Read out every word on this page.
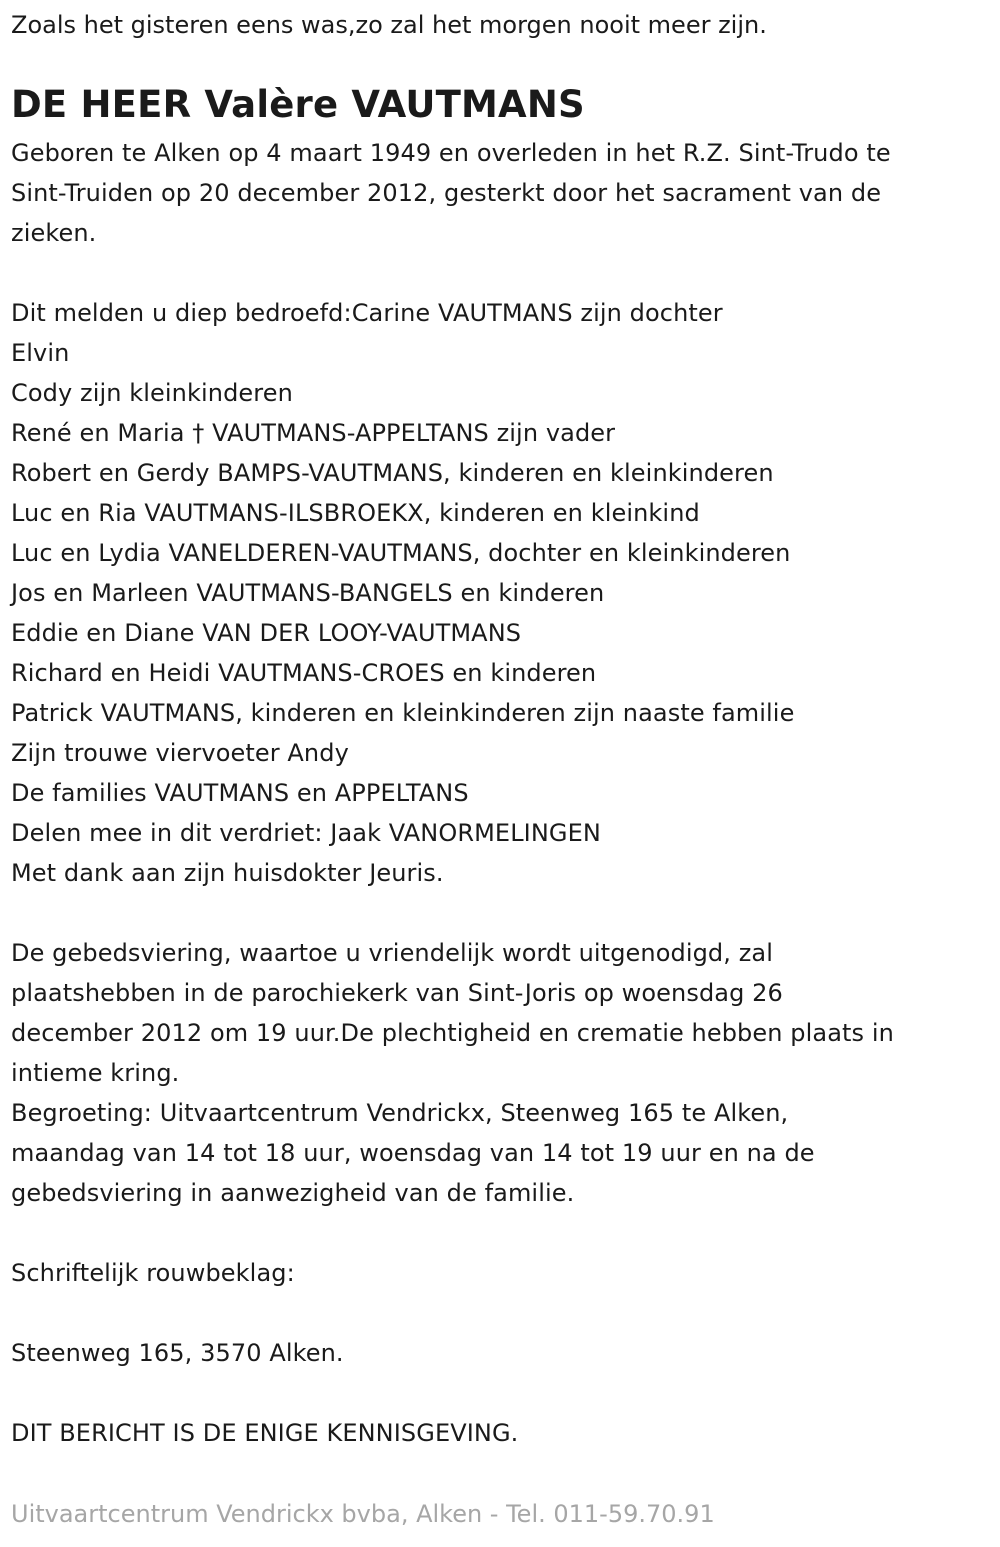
Zoals het gisteren eens was,zo zal het morgen nooit meer zijn.
DE HEER Valère VAUTMANS
Geboren te Alken op 4 maart 1949 en overleden in het R.Z. Sint-Trudo te
Sint-Truiden op 20 december 2012, gesterkt door het sacrament van de
zieken.
Dit melden u diep bedroefd:Carine VAUTMANS zijn dochter
Elvin
Cody zijn kleinkinderen
René en Maria † VAUTMANS-APPELTANS zijn vader
Robert en Gerdy BAMPS-VAUTMANS, kinderen en kleinkinderen
Luc en Ria VAUTMANS-ILSBROEKX, kinderen en kleinkind
Luc en Lydia VANELDEREN-VAUTMANS, dochter en kleinkinderen
Jos en Marleen VAUTMANS-BANGELS en kinderen
Eddie en Diane VAN DER LOOY-VAUTMANS
Richard en Heidi VAUTMANS-CROES en kinderen
Patrick VAUTMANS, kinderen en kleinkinderen zijn naaste familie
Zijn trouwe viervoeter Andy
De families VAUTMANS en APPELTANS
Delen mee in dit verdriet: Jaak VANORMELINGEN
Met dank aan zijn huisdokter Jeuris.
De gebedsviering, waartoe u vriendelijk wordt uitgenodigd, zal
plaatshebben in de parochiekerk van Sint-Joris op woensdag 26
december 2012 om 19 uur.De plechtigheid en crematie hebben plaats in
intieme kring.
Begroeting: Uitvaartcentrum Vendrickx, Steenweg 165 te Alken,
maandag van 14 tot 18 uur, woensdag van 14 tot 19 uur en na de
gebedsviering in aanwezigheid van de familie.
Schriftelijk rouwbeklag:
Steenweg 165, 3570 Alken.
DIT BERICHT IS DE ENIGE KENNISGEVING.
Uitvaartcentrum Vendrickx bvba, Alken - Tel. 011-59.70.91
